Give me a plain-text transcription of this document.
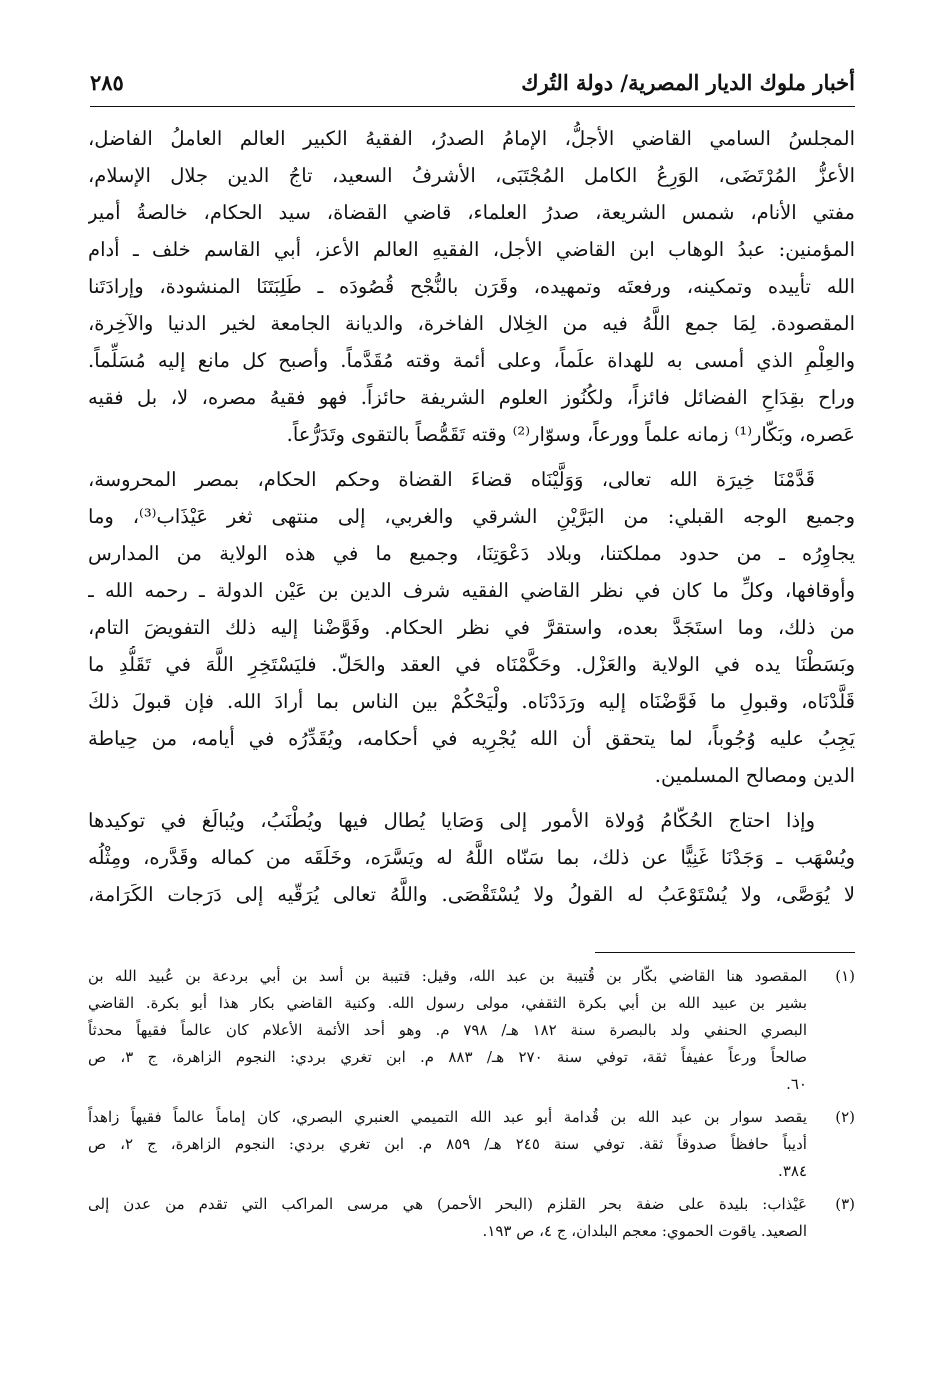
أخبار ملوك الديار المصرية/ دولة التُرك
٢٨٥
المجلسُ السامي القاضي الأجلُّ، الإمامُ الصدرُ، الفقيهُ الكبير العالم العاملُ الفاضل،
الأعزُّ المُرْتَضَى، الوَرِعُ الكامل المُجْتَبَى، الأشرفُ السعيد، تاجُ الدين جلال الإسلام،
مفتي الأنام، شمس الشريعة، صدرُ العلماء، قاضي القضاة، سيد الحكام، خالصةُ أمير
المؤمنين: عبدُ الوهاب ابن القاضي الأجل، الفقيهِ العالم الأعز، أبي القاسم خلف ـ أدام
الله تأييده وتمكينه، ورفعتَه وتمهيده، وقَرَن بالنُّجْح قُصُودَه ـ طَلِبَتَنَا المنشودة، وإرادَتَنا
المقصودة. لِمَا جمع اللَّهُ فيه من الخِلال الفاخرة، والديانة الجامعة لخير الدنيا والآخِرة،
والعِلْمِ الذي أمسى به للهداة علَماً، وعلى أئمة وقته مُقَدَّماً. وأصبح كل مانع إليه مُسَلِّماً.
وراح بقِدَاحِ الفضائل فائزاً، ولكُنُوز العلوم الشريفة حائزاً. فهو فقيهُ مصره، لا، بل فقيه
عَصره، وبَكّار⁽¹⁾ زمانه علماً وورعاً، وسوّار⁽²⁾ وقته تَقَمُّصاً بالتقوى وتَدَرُّعاً.
قَدَّمْنَا خِيرَة الله تعالى، وَوَلَّيْنَاه قضاءَ القضاة وحكم الحكام، بمصر المحروسة،
وجميع الوجه القبلي: من البَرَّيْنِ الشرقي والغربي، إلى منتهى ثغر عَيْذَاب⁽³⁾، وما
يجاوِرُه ـ من حدود مملكتنا، وبلاد دَعْوَتِنَا، وجميع ما في هذه الولاية من المدارس
وأوقافها، وكلِّ ما كان في نظر القاضي الفقيه شرف الدين بن عَيْن الدولة ـ رحمه الله ـ
من ذلك، وما استَجَدَّ بعده، واستقرَّ في نظر الحكام. وفَوَّضْنا إليه ذلك التفويضَ التام،
وبَسَطْنَا يده في الولاية والعَزْل. وحَكَّمْنَاه في العقد والحَلّ. فليَسْتَخِرِ اللَّهَ في تَقَلُّدِ ما
قَلَّدْنَاه، وقبولِ ما فَوَّضْنَاه إليه ورَدَدْنَاه. ولْيَحْكُمْ بين الناس بما أرادَ الله. فإن قبولَ ذلكَ
يَجِبُ عليه وُجُوباً، لما يتحقق أن الله يُجْرِيه في أحكامه، ويُقَدِّرُه في أيامه، من حِياطة
الدين ومصالح المسلمين.
وإذا احتاج الحُكّامُ وُولاة الأمور إلى وَصَايا يُطال فيها ويُطْنَبُ، ويُبالَغ في توكيدها
ويُسْهَب ـ وَجَدْنَا غَنِيًّا عن ذلك، بما سَنّاه اللَّهُ له ويَسَّرَه، وخَلَقَه من كماله وقَدَّره، ومِثْلُه
لا يُوَصَّى، ولا يُسْتَوْعَبُ له القولُ ولا يُسْتَقْصَى. واللَّهُ تعالى يُرَقّيه إلى دَرَجات الكَرَامة،
(١)المقصود هنا القاضي بكّار بن قُتيبة بن عبد الله، وقيل: قتيبة بن أسد بن أبي بردعة بن عُبيد الله بن
بشير بن عبيد الله بن أبي بكرة الثقفي، مولى رسول الله. وكنية القاضي بكار هذا أبو بكرة. القاضي
البصري الحنفي ولد بالبصرة سنة ١٨٢ هـ/ ٧٩٨ م. وهو أحد الأئمة الأعلام كان عالماً فقيهاً محدثاً
صالحاً ورعاً عفيفاً ثقة، توفي سنة ٢٧٠ هـ/ ٨٨٣ م. ابن تغري بردي: النجوم الزاهرة، ج ٣، ص
٦٠.
(٢)يقصد سوار بن عبد الله بن قُدامة أبو عبد الله التميمي العنبري البصري، كان إماماً عالماً فقيهاً زاهداً
أديباً حافظاً صدوقاً ثقة. توفي سنة ٢٤٥ هـ/ ٨٥٩ م. ابن تغري بردي: النجوم الزاهرة، ج ٢، ص
٣٨٤.
(٣)عَيْذاب: بليدة على ضفة بحر القلزم (البحر الأحمر) هي مرسى المراكب التي تقدم من عدن إلى
الصعيد. ياقوت الحموي: معجم البلدان، ج ٤، ص ١٩٣.
